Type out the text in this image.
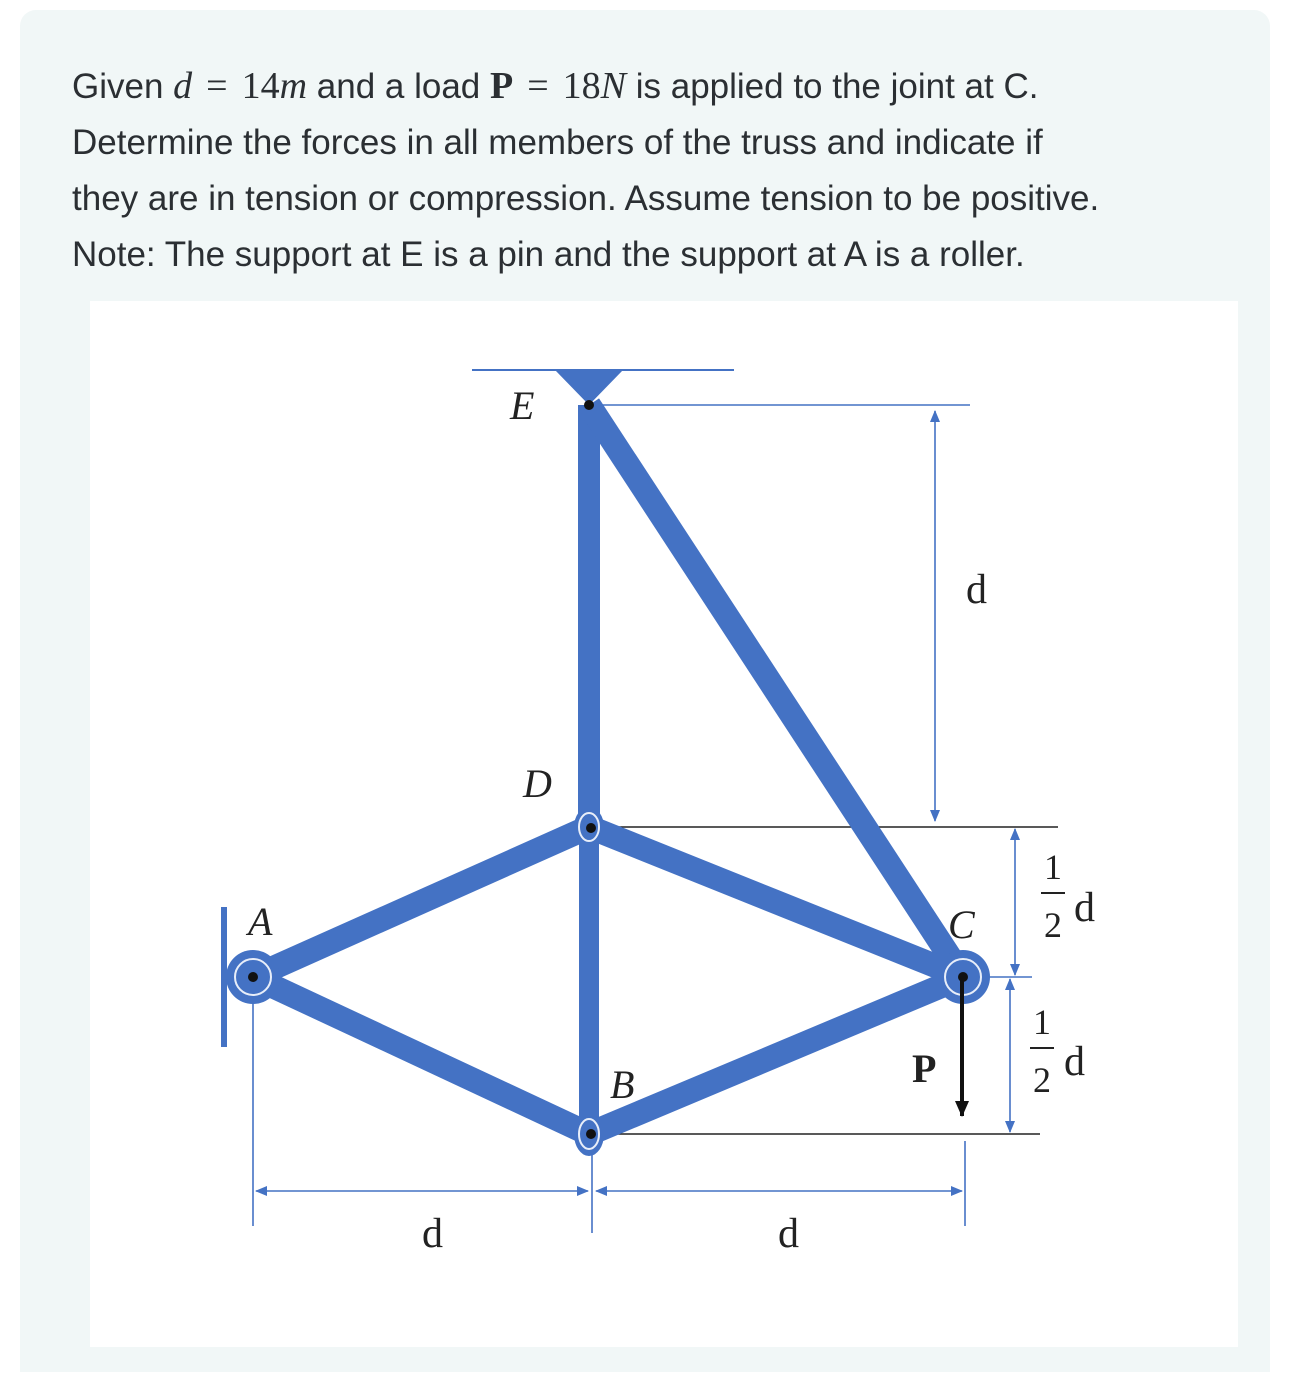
Given d = 14m and a load P = 18N is applied to the joint at C.

Determine the forces in all members of the truss and indicate if

they are in tension or compression. Assume tension to be positive.

Note: The support at E is a pin and the support at A is a roller.

E
D
A
B
C
P
d
1
2 d
1
2 d
d	d
